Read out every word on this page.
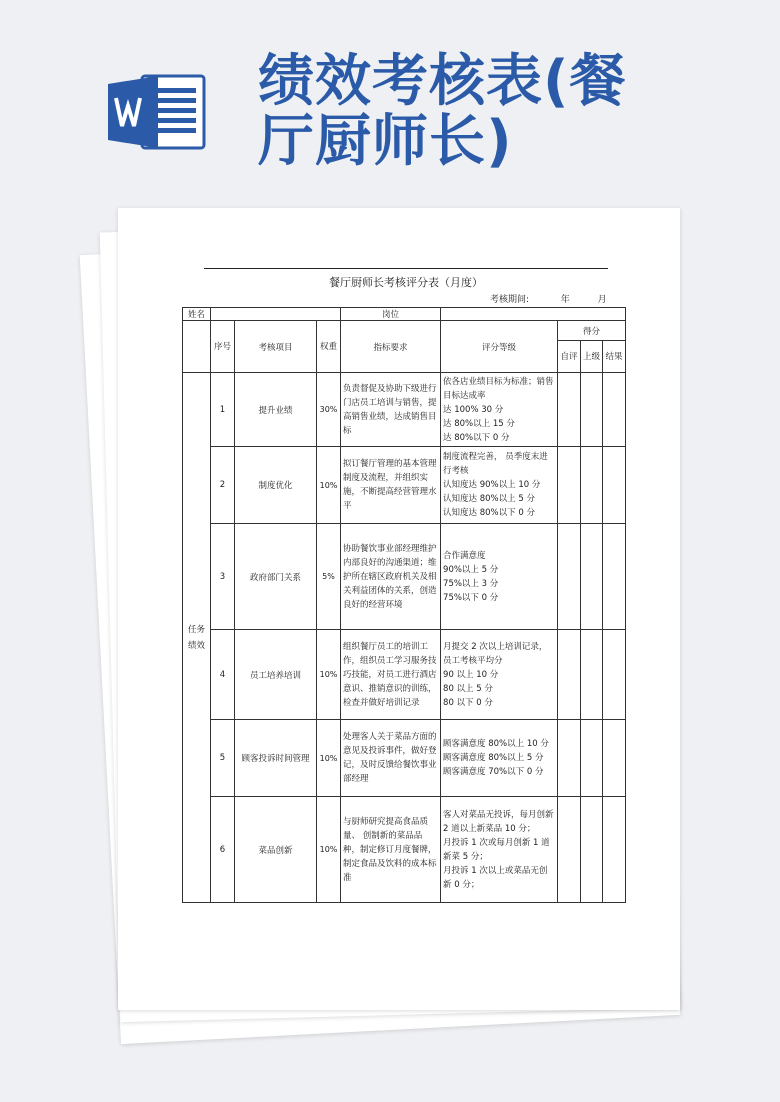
绩效考核表(餐厅厨师长)
餐厅厨师长考核评分表（月度）
考核期间:	年	月
姓名				岗位				
	序号	考核项目	权重	指标要求	评分等级	得分		
						自评	上级	结果
任务绩效	1	提升业绩	30%	负责督促及协助下级进行门店员工培训与销售，提高销售业绩，达成销售目标	依各店业绩目标为标准；销售目标达成率
达 100% 30 分
达 80%以上 15 分
达 80%以下 0 分			
	2	制度优化	10%	拟订餐厅管理的基本管理制度及流程，并组织实施，不断提高经营管理水平	制度流程完善， 员季度末进行考核
认知度达 90%以上 10 分
认知度达 80%以上 5 分
认知度达 80%以下 0 分			
	3	政府部门关系	5%	协助餐饮事业部经理维护内部良好的沟通渠道；维护所在辖区政府机关及相关利益团体的关系，创造良好的经营环境	合作满意度
90%以上 5 分
75%以上 3 分
75%以下 0 分			
	4	员工培养培训	10%	组织餐厅员工的培训工作，组织员工学习服务技巧技能，对员工进行酒店意识、推销意识的训练，检查并做好培训记录	月提交 2 次以上培训记录，员工考核平均分
90 以上 10 分
80 以上 5 分
80 以下 0 分			
	5	顾客投诉时间管理	10%	处理客人关于菜品方面的意见及投诉事件，做好登记，及时反馈给餐饮事业部经理	顾客满意度 80%以上 10 分
顾客满意度 80%以上 5 分
顾客满意度 70%以下 0 分			
	6	菜品创新	10%	与厨师研究提高食品质量、 创制新的菜品品种，制定修订月度餐牌，制定食品及饮料的成本标准	客人对菜品无投诉，每月创新 2 道以上新菜品 10 分；
月投诉 1 次或每月创新 1 道新菜 5 分；
月投诉 1 次以上或菜品无创新 0 分；			
